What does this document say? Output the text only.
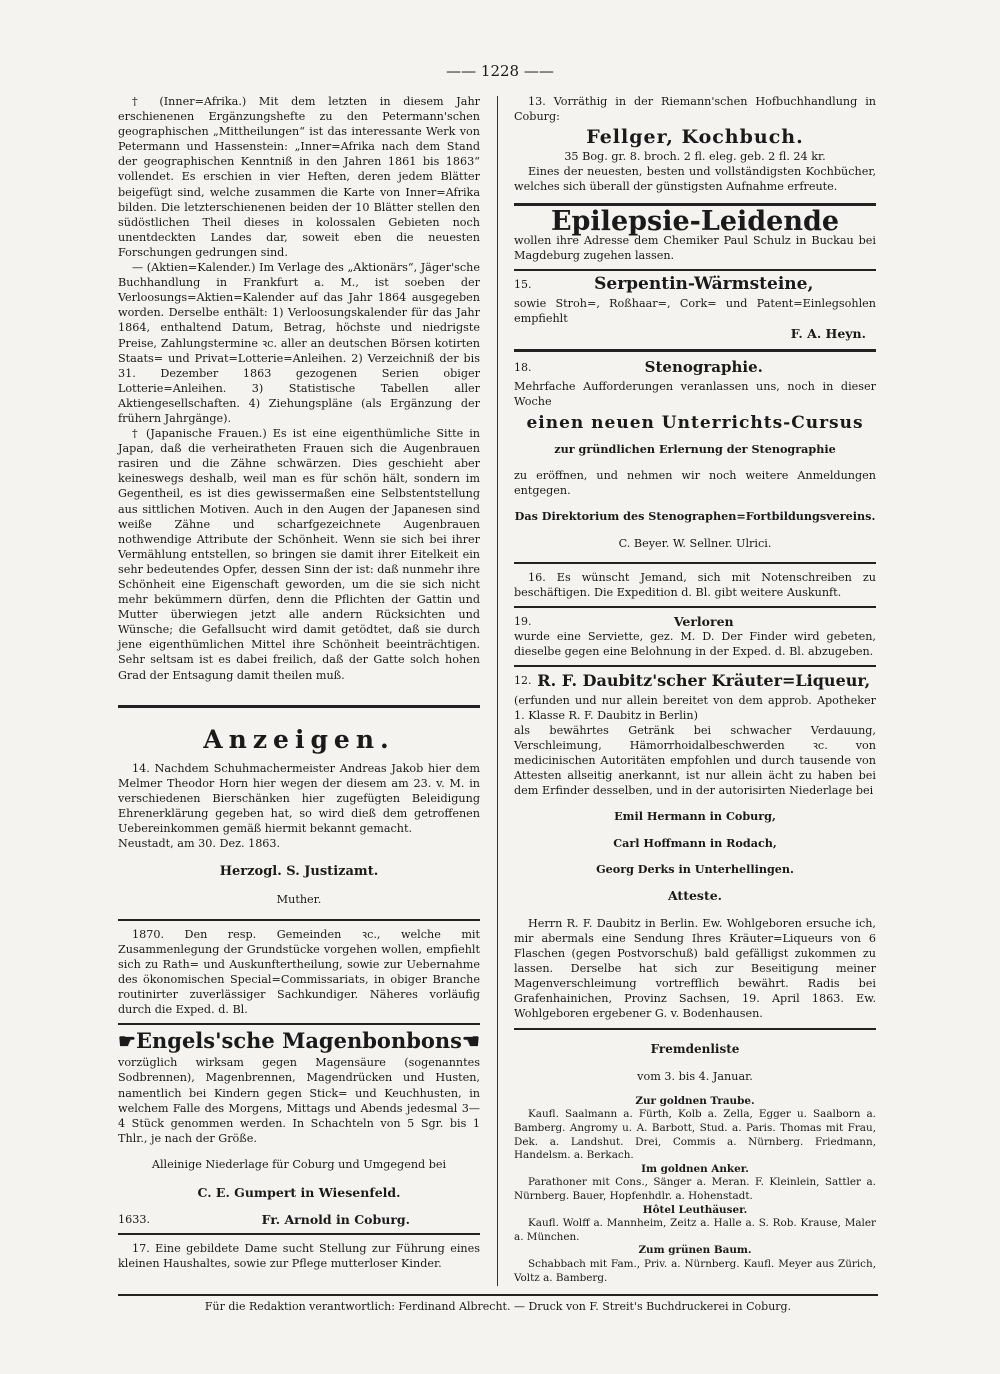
—— 1228 ——

† (Inner=Afrika.) Mit dem letzten in diesem Jahr erschienenen Ergänzungshefte zu den Petermann'schen geographischen „Mittheilungen“ ist das interessante Werk von Petermann und Hassenstein: „Inner=Afrika nach dem Stand der geographischen Kenntniß in den Jahren 1861 bis 1863“ vollendet. Es erschien in vier Heften, deren jedem Blätter beigefügt sind, welche zusammen die Karte von Inner=Afrika bilden. Die letzterschienenen beiden der 10 Blätter stellen den südöstlichen Theil dieses in kolossalen Gebieten noch unentdeckten Landes dar, soweit eben die neuesten Forschungen gedrungen sind.

— (Aktien=Kalender.) Im Verlage des „Aktionärs“, Jäger'sche Buchhandlung in Frankfurt a. M., ist soeben der Verloosungs=Aktien=Kalender auf das Jahr 1864 ausgegeben worden. Derselbe enthält: 1) Verloosungskalender für das Jahr 1864, enthaltend Datum, Betrag, höchste und niedrigste Preise, Zahlungstermine ꝛc. aller an deutschen Börsen kotirten Staats= und Privat=Lotterie=Anleihen. 2) Verzeichniß der bis 31. Dezember 1863 gezogenen Serien obiger Lotterie=Anleihen. 3) Statistische Tabellen aller Aktiengesellschaften. 4) Ziehungspläne (als Ergänzung der frühern Jahrgänge).

† (Japanische Frauen.) Es ist eine eigenthümliche Sitte in Japan, daß die verheiratheten Frauen sich die Augenbrauen rasiren und die Zähne schwärzen. Dies geschieht aber keineswegs deshalb, weil man es für schön hält, sondern im Gegentheil, es ist dies gewissermaßen eine Selbstentstellung aus sittlichen Motiven. Auch in den Augen der Japanesen sind weiße Zähne und scharfgezeichnete Augenbrauen nothwendige Attribute der Schönheit. Wenn sie sich bei ihrer Vermählung entstellen, so bringen sie damit ihrer Eitelkeit ein sehr bedeutendes Opfer, dessen Sinn der ist: daß nunmehr ihre Schönheit eine Eigenschaft geworden, um die sie sich nicht mehr bekümmern dürfen, denn die Pflichten der Gattin und Mutter überwiegen jetzt alle andern Rücksichten und Wünsche; die Gefallsucht wird damit getödtet, daß sie durch jene eigenthümlichen Mittel ihre Schönheit beeinträchtigen. Sehr seltsam ist es dabei freilich, daß der Gatte solch hohen Grad der Entsagung damit theilen muß.

Anzeigen.

14. Nachdem Schuhmachermeister Andreas Jakob hier dem Melmer Theodor Horn hier wegen der diesem am 23. v. M. in verschiedenen Bierschänken hier zugefügten Beleidigung Ehrenerklärung gegeben hat, so wird dieß dem getroffenen Uebereinkommen gemäß hiermit bekannt gemacht.

Neustadt, am 30. Dez. 1863.

Herzogl. S. Justizamt.

Muther.

1870. Den resp. Gemeinden ꝛc., welche mit Zusammenlegung der Grundstücke vorgehen wollen, empfiehlt sich zu Rath= und Auskunftertheilung, sowie zur Uebernahme des ökonomischen Special=Commissariats, in obiger Branche routinirter zuverlässiger Sachkundiger. Näheres vorläufig durch die Exped. d. Bl.

☛Engels'sche Magenbonbons☚

vorzüglich wirksam gegen Magensäure (sogenanntes Sodbrennen), Magenbrennen, Magendrücken und Husten, namentlich bei Kindern gegen Stick= und Keuchhusten, in welchem Falle des Morgens, Mittags und Abends jedesmal 3—4 Stück genommen werden. In Schachteln von 5 Sgr. bis 1 Thlr., je nach der Größe.

Alleinige Niederlage für Coburg und Umgegend bei

C. E. Gumpert in Wiesenfeld.

1633.	Fr. Arnold in Coburg.

17. Eine gebildete Dame sucht Stellung zur Führung eines kleinen Haushaltes, sowie zur Pflege mutterloser Kinder.

13. Vorräthig in der Riemann'schen Hofbuchhandlung in Coburg:

Fellger, Kochbuch.

35 Bog. gr. 8. broch. 2 fl. eleg. geb. 2 fl. 24 kr.

Eines der neuesten, besten und vollständigsten Kochbücher, welches sich überall der günstigsten Aufnahme erfreute.

Epilepsie-Leidende

wollen ihre Adresse dem Chemiker Paul Schulz in Buckau bei Magdeburg zugehen lassen.

15.	Serpentin-Wärmsteine,

sowie Stroh=, Roßhaar=, Cork= und Patent=Einlegsohlen empfiehlt

F. A. Heyn.

18.	Stenographie.

Mehrfache Aufforderungen veranlassen uns, noch in dieser Woche

einen neuen Unterrichts-Cursus

zur gründlichen Erlernung der Stenographie

zu eröffnen, und nehmen wir noch weitere Anmeldungen entgegen.

Das Direktorium des Stenographen=Fortbildungsvereins.

C. Beyer. W. Sellner. Ulrici.

16. Es wünscht Jemand, sich mit Notenschreiben zu beschäftigen. Die Expedition d. Bl. gibt weitere Auskunft.

19.	Verloren

wurde eine Serviette, gez. M. D. Der Finder wird gebeten, dieselbe gegen eine Belohnung in der Exped. d. Bl. abzugeben.

12. R. F. Daubitz'scher Kräuter=Liqueur,

(erfunden und nur allein bereitet von dem approb. Apotheker 1. Klasse R. F. Daubitz in Berlin)

als bewährtes Getränk bei schwacher Verdauung, Verschleimung, Hämorrhoidalbeschwerden ꝛc. von medicinischen Autoritäten empfohlen und durch tausende von Attesten allseitig anerkannt, ist nur allein ächt zu haben bei dem Erfinder desselben, und in der autorisirten Niederlage bei

Emil Hermann in Coburg,

Carl Hoffmann in Rodach,

Georg Derks in Unterhellingen.

Atteste.

Herrn R. F. Daubitz in Berlin. Ew. Wohlgeboren ersuche ich, mir abermals eine Sendung Ihres Kräuter=Liqueurs von 6 Flaschen (gegen Postvorschuß) bald gefälligst zukommen zu lassen. Derselbe hat sich zur Beseitigung meiner Magenverschleimung vortrefflich bewährt. Radis bei Grafenhainichen, Provinz Sachsen, 19. April 1863. Ew. Wohlgeboren ergebener G. v. Bodenhausen.

Fremdenliste

vom 3. bis 4. Januar.

Zur goldnen Traube.

Kaufl. Saalmann a. Fürth, Kolb a. Zella, Egger u. Saalborn a. Bamberg. Angromy u. A. Barbott, Stud. a. Paris. Thomas mit Frau, Dek. a. Landshut. Drei, Commis a. Nürnberg. Friedmann, Handelsm. a. Berkach.

Im goldnen Anker.

Parathoner mit Cons., Sänger a. Meran. F. Kleinlein, Sattler a. Nürnberg. Bauer, Hopfenhdlr. a. Hohenstadt.

Hôtel Leuthäuser.

Kaufl. Wolff a. Mannheim, Zeitz a. Halle a. S. Rob. Krause, Maler a. München.

Zum grünen Baum.

Schabbach mit Fam., Priv. a. Nürnberg. Kaufl. Meyer aus Zürich, Voltz a. Bamberg.

Für die Redaktion verantwortlich: Ferdinand Albrecht. — Druck von F. Streit's Buchdruckerei in Coburg.
